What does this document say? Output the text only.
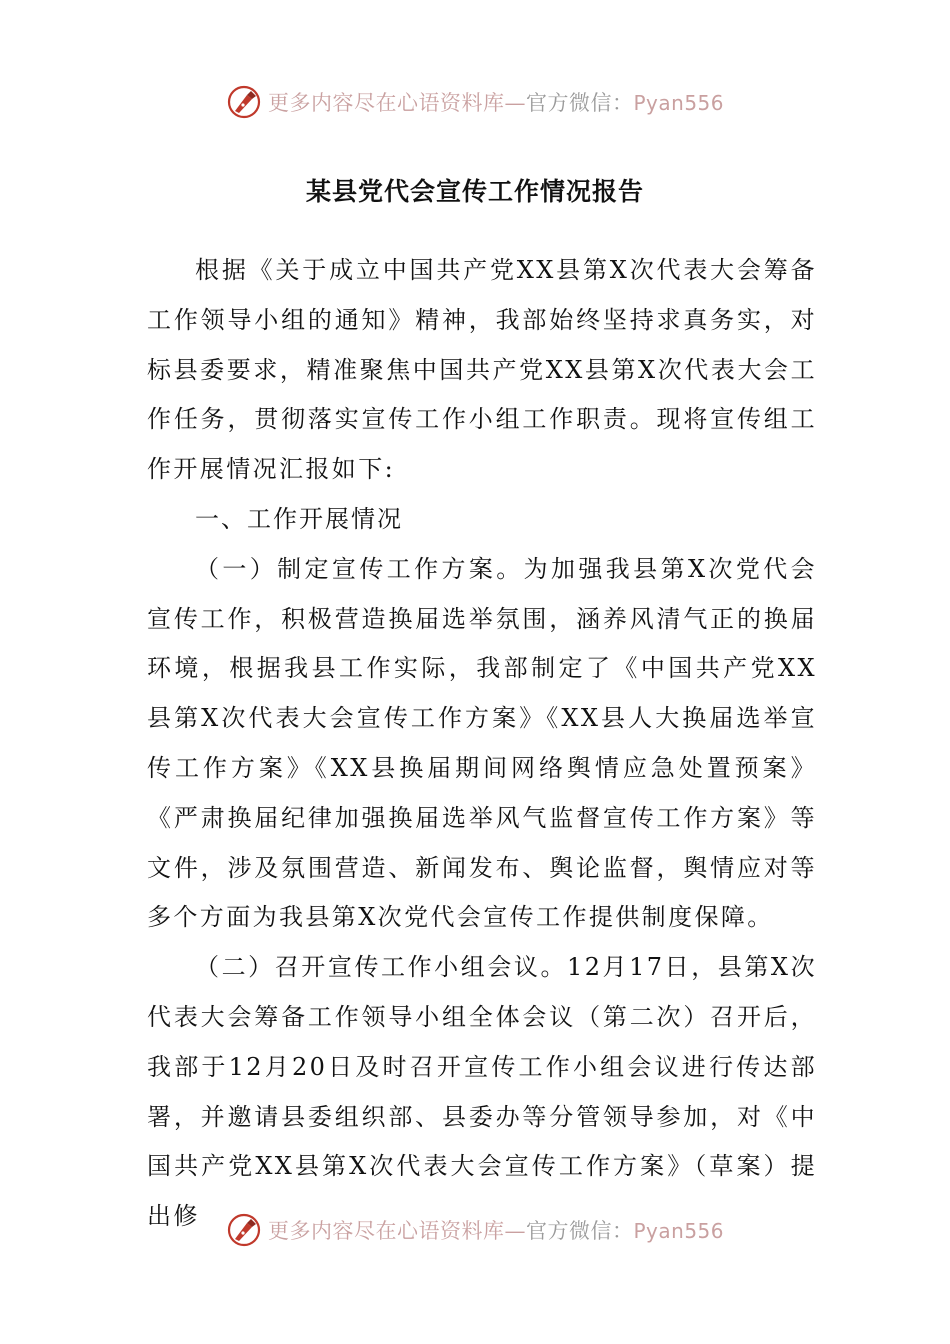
更多内容尽在心语资料库—官方微信：Pyan556
某县党代会宣传工作情况报告

根据《关于成立中国共产党XX县第X次代表大会筹备工作领导小组的通知》精神，我部始终坚持求真务实，对标县委要求，精准聚焦中国共产党XX县第X次代表大会工作任务，贯彻落实宣传工作小组工作职责。现将宣传组工作开展情况汇报如下:

一、工作开展情况

（一）制定宣传工作方案。为加强我县第X次党代会宣传工作，积极营造换届选举氛围，涵养风清气正的换届环境，根据我县工作实际，我部制定了《中国共产党XX县第X次代表大会宣传工作方案》《XX县人大换届选举宣传工作方案》《XX县换届期间网络舆情应急处置预案》《严肃换届纪律加强换届选举风气监督宣传工作方案》等文件，涉及氛围营造、新闻发布、舆论监督，舆情应对等多个方面为我县第X次党代会宣传工作提供制度保障。

（二）召开宣传工作小组会议。12月17日，县第X次代表大会筹备工作领导小组全体会议（第二次）召开后，我部于12月20日及时召开宣传工作小组会议进行传达部署，并邀请县委组织部、县委办等分管领导参加，对《中国共产党XX县第X次代表大会宣传工作方案》（草案）提出修

更多内容尽在心语资料库—官方微信：Pyan556
